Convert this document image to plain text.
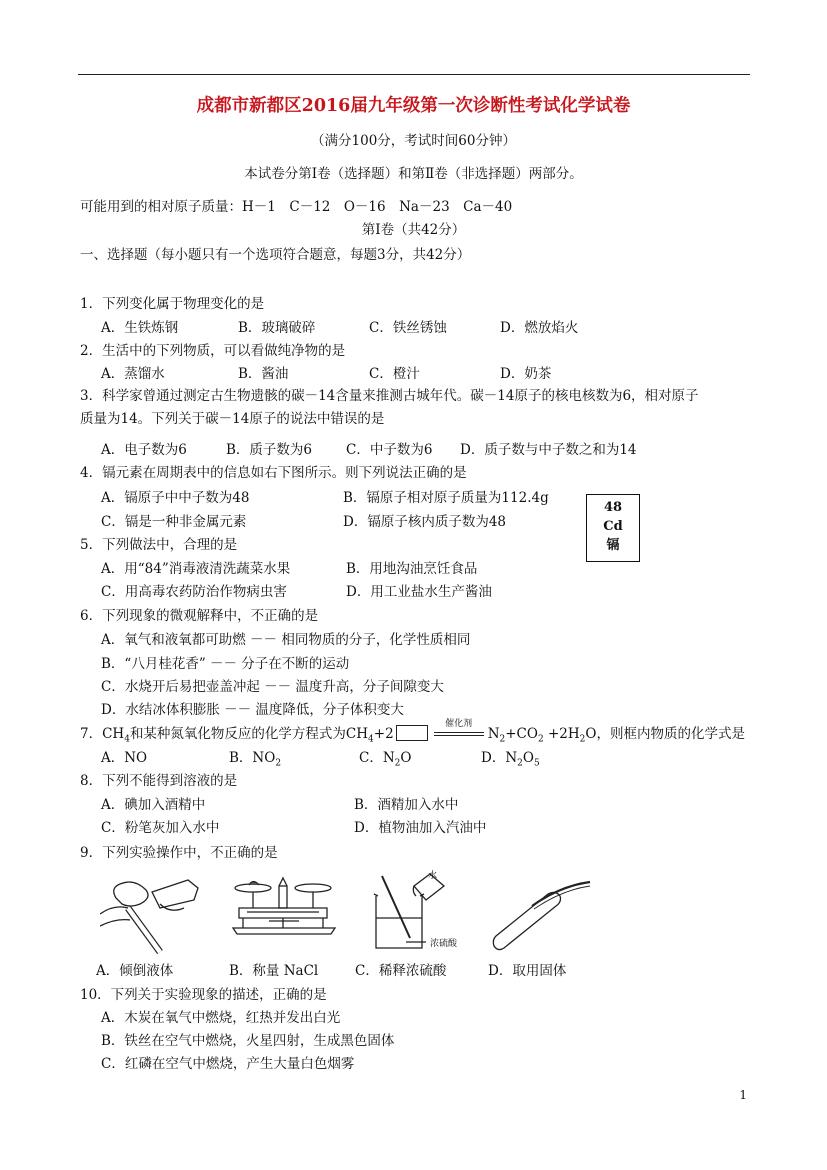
成都市新都区2016届九年级第一次诊断性考试化学试卷
（满分100分，考试时间60分钟）
本试卷分第Ⅰ卷（选择题）和第Ⅱ卷（非选择题）两部分。
可能用到的相对原子质量：H－1　C－12　O－16　Na－23　Ca－40
第Ⅰ卷（共42分）
一、选择题（每小题只有一个选项符合题意，每题3分，共42分）
1．下列变化属于物理变化的是
A．生铁炼钢	B．玻璃破碎	C．铁丝锈蚀	D．燃放焰火
2．生活中的下列物质，可以看做纯净物的是
A．蒸馏水	B．酱油	C．橙汁	D．奶茶
3．科学家曾通过测定古生物遗骸的碳－14含量来推测古城年代。碳－14原子的核电核数为6，相对原子
质量为14。下列关于碳－14原子的说法中错误的是
A．电子数为6	B．质子数为6	C．中子数为6 D．质子数与中子数之和为14
4．镉元素在周期表中的信息如右下图所示。则下列说法正确的是
A．镉原子中中子数为48	B．镉原子相对原子质量为112.4g
C．镉是一种非金属元素	D．镉原子核内质子数为48
48
Cd
镉
5．下列做法中，合理的是
A．用“84”消毒液清洗蔬菜水果	B．用地沟油烹饪食品
C．用高毒农药防治作物病虫害	D．用工业盐水生产酱油
6．下列现象的微观解释中，不正确的是
A．氧气和液氧都可助燃 －－ 相同物质的分子，化学性质相同
B．“八月桂花香” －－ 分子在不断的运动
C．水烧开后易把壶盖冲起 －－ 温度升高，分子间隙变大
D．水结冰体积膨胀 －－ 温度降低，分子体积变大
7．$CH_4$和某种氮氧化物反应的化学方程式为$CH_4+2$
催化剂
$N_2+CO_2 +2H_2O$，则框内物质的化学式是
A．NO	B．$NO_2$	C．$N_2O$	D．$N_2O_5$
8．下列不能得到溶液的是
A．碘加入酒精中	B．酒精加入水中
C．粉笔灰加入水中	D．植物油加入汽油中
9．下列实验操作中，不正确的是
水
浓硫酸
A．倾倒液体	B．称量 NaCl	C．稀释浓硫酸	D．取用固体
10．下列关于实验现象的描述，正确的是
A．木炭在氧气中燃烧，红热并发出白光
B．铁丝在空气中燃烧，火星四射，生成黑色固体
C．红磷在空气中燃烧，产生大量白色烟雾
1
